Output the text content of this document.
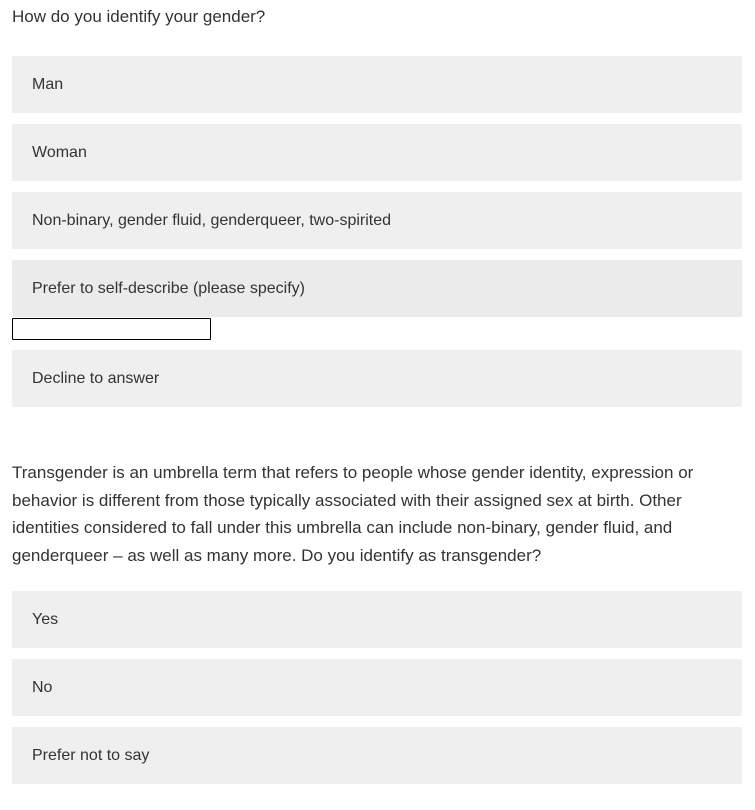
How do you identify your gender?
Man
Woman
Non-binary, gender fluid, genderqueer, two-spirited
Prefer to self-describe (please specify)
Decline to answer
Transgender is an umbrella term that refers to people whose gender identity, expression or behavior is different from those typically associated with their assigned sex at birth. Other identities considered to fall under this umbrella can include non-binary, gender fluid, and genderqueer – as well as many more. Do you identify as transgender?
Yes
No
Prefer not to say
